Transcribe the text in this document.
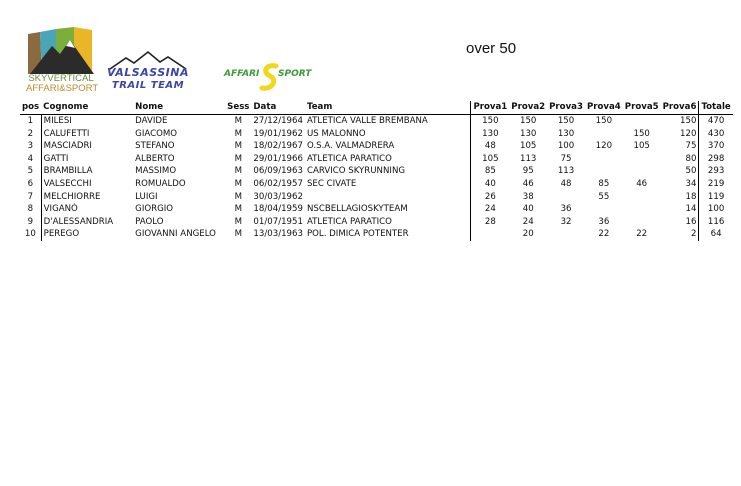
SKYVERTICAL
AFFARI&SPORT
VALSASSINA
TRAIL TEAM
AFFARI SPORT
over 50
pos	Cognome	Nome	Sess	Data	Team	Prova1	Prova2	Prova3	Prova4	Prova5	Prova6	Totale
1	MILESI	DAVIDE	M	27/12/1964	ATLETICA VALLE BREMBANA	150	150	150	150		150	470
2	CALUFETTI	GIACOMO	M	19/01/1962	US MALONNO	130	130	130		150	120	430
3	MASCIADRI	STEFANO	M	18/02/1967	O.S.A. VALMADRERA	48	105	100	120	105	75	370
4	GATTI	ALBERTO	M	29/01/1966	ATLETICA PARATICO	105	113	75			80	298
5	BRAMBILLA	MASSIMO	M	06/09/1963	CARVICO SKYRUNNING	85	95	113			50	293
6	VALSECCHI	ROMUALDO	M	06/02/1957	SEC CIVATE	40	46	48	85	46	34	219
7	MELCHIORRE	LUIGI	M	30/03/1962		26	38		55		18	119
8	VIGANÒ	GIORGIO	M	18/04/1959	NSCBELLAGIOSKYTEAM	24	40	36			14	100
9	D'ALESSANDRIA	PAOLO	M	01/07/1951	ATLETICA PARATICO	28	24	32	36		16	116
10	PEREGO	GIOVANNI ANGELO	M	13/03/1963	POL. DIMICA POTENTER		20		22	22	2	64
